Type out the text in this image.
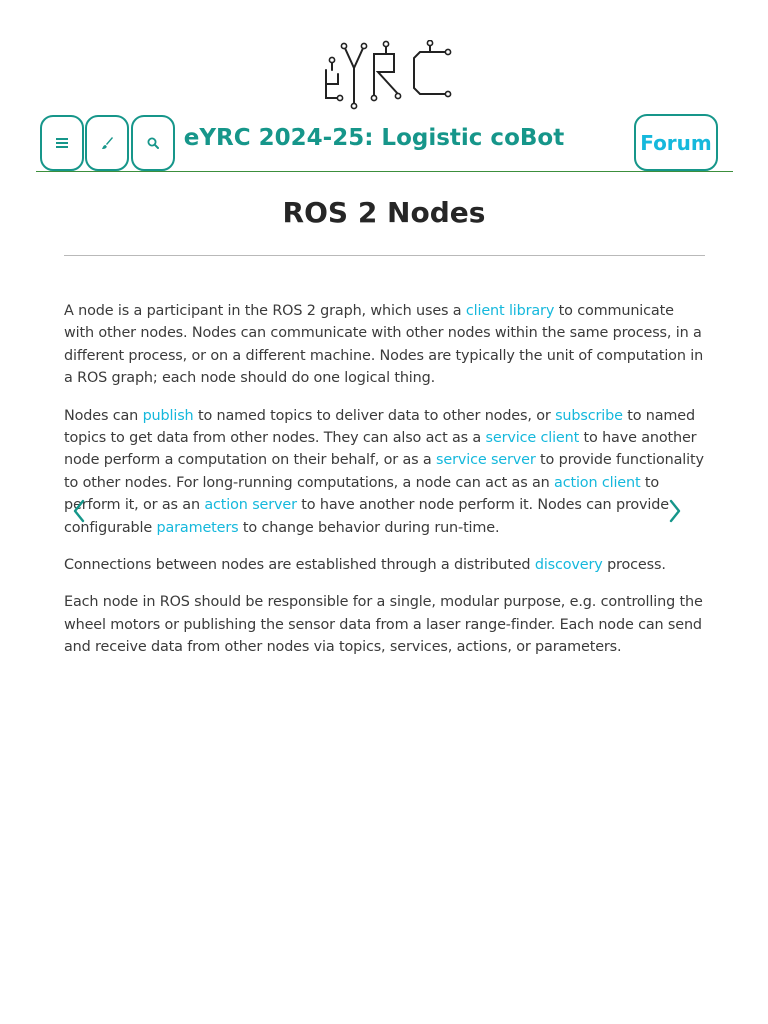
eYRC 2024-25: Logistic coBot	Forum
ROS 2 Nodes

A node is a participant in the ROS 2 graph, which uses a client library to communicate with other nodes. Nodes can communicate with other nodes within the same process, in a different process, or on a different machine. Nodes are typically the unit of computation in a ROS graph; each node should do one logical thing.

Nodes can publish to named topics to deliver data to other nodes, or subscribe to named topics to get data from other nodes. They can also act as a service client to have another node perform a computation on their behalf, or as a service server to provide functionality to other nodes. For long-running computations, a node can act as an action client to perform it, or as an action server to have another node perform it. Nodes can provide configurable parameters to change behavior during run-time.

Connections between nodes are established through a distributed discovery process.

Each node in ROS should be responsible for a single, modular purpose, e.g. controlling the wheel motors or publishing the sensor data from a laser range-finder. Each node can send and receive data from other nodes via topics, services, actions, or parameters.
